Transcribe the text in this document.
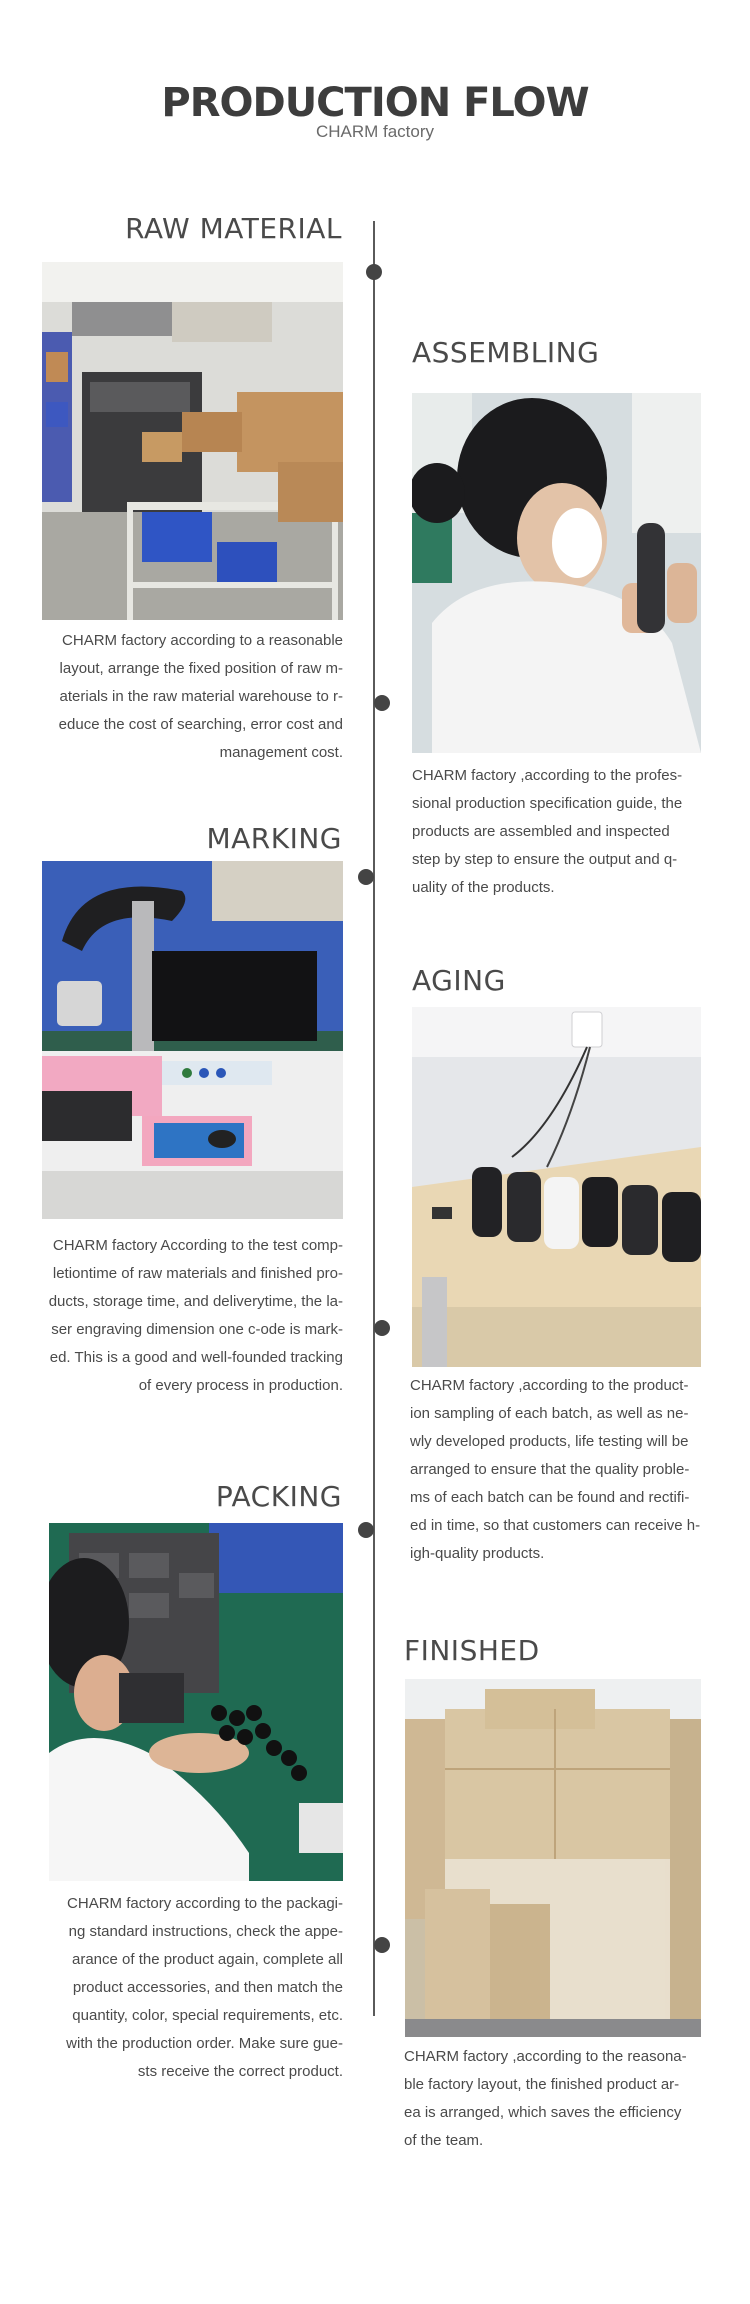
PRODUCTION FLOW
CHARM factory
RAW MATERIAL
CHARM factory according to a reasonable
layout, arrange the fixed position of raw m-
aterials in the raw material warehouse to r-
educe the cost of searching, error cost and
management cost.
ASSEMBLING
CHARM factory ,according to the profes-
sional production specification guide, the
products are assembled and inspected
step by step to ensure the output and q-
uality of the products.
MARKING
CHARM factory According to the test comp-
letiontime of raw materials and finished pro-
ducts, storage time, and deliverytime, the la-
ser engraving dimension one c-ode is mark-
ed. This is a good and well-founded tracking
of every process in production.
AGING
CHARM factory ,according to the product-
ion sampling of each batch, as well as ne-
wly developed products, life testing will be
arranged to ensure that the quality proble-
ms of each batch can be found and rectifi-
ed in time, so that customers can receive h-
igh-quality products.
PACKING
CHARM factory according to the packagi-
ng standard instructions, check the appe-
arance of the product again, complete all
product accessories, and then match the
quantity, color, special requirements, etc.
with the production order. Make sure gue-
sts receive the correct product.
FINISHED
CHARM factory ,according to the reasona-
ble factory layout, the finished product ar-
ea is arranged, which saves the efficiency
of the team.
